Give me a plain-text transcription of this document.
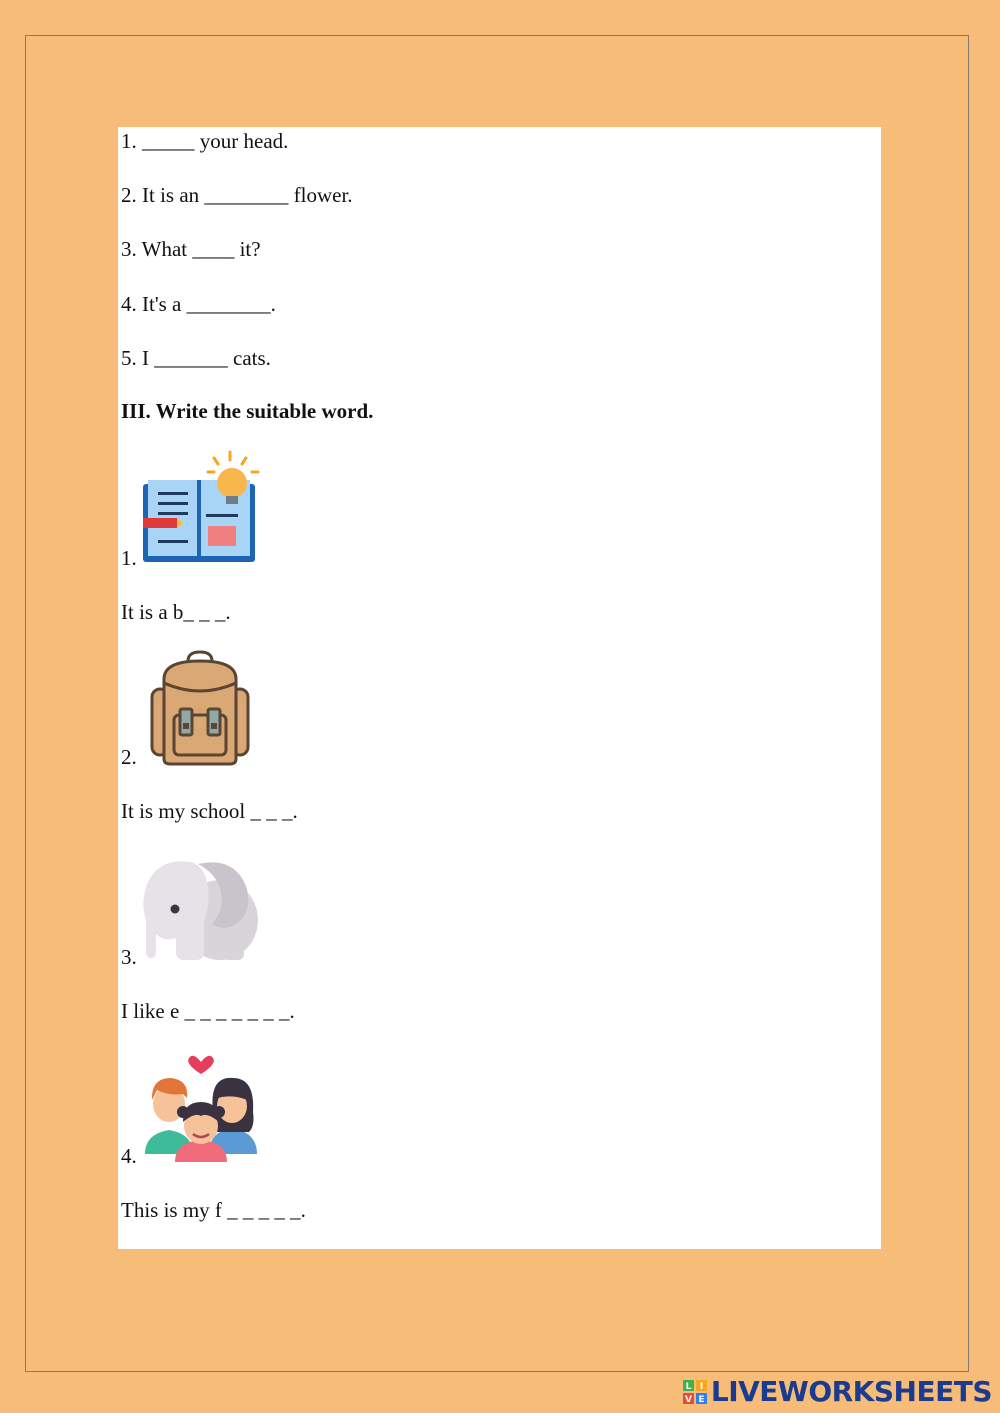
1. _____ your head.
2. It is an ________ flower.
3. What ____ it?
4. It's a ________.
5. I _______ cats.
III. Write the suitable word.
1.
It is a b_ _ _.
2.
It is my school _ _ _.
3.
I like e _ _ _ _ _ _ _.
4.
This is my f _ _ _ _ _.
L I
V E LIVEWORKSHEETS
